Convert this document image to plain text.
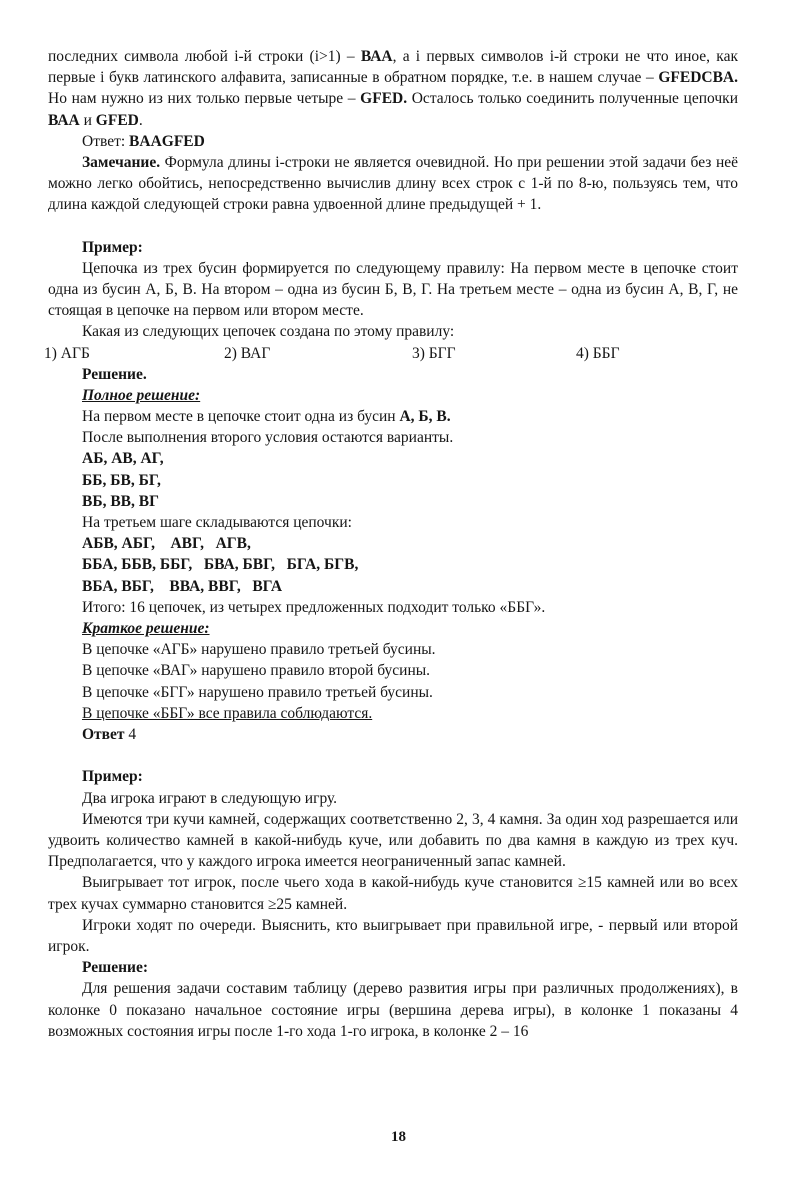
последних символа любой i-й строки (i>1) – ВАА, а i первых символов i-й строки не что иное, как первые i букв латинского алфавита, записанные в обратном порядке, т.е. в нашем случае – GFEDCBA. Но нам нужно из них только первые четыре – GFED. Осталось только соединить полученные цепочки ВАА и GFED.

Ответ: BAAGFED

Замечание. Формула длины i-строки не является очевидной. Но при решении этой задачи без неё можно легко обойтись, непосредственно вычислив длину всех строк с 1-й по 8-ю, пользуясь тем, что длина каждой следующей строки равна удвоенной длине предыдущей + 1.

Пример:

Цепочка из трех бусин формируется по следующему правилу: На первом месте в цепочке стоит одна из бусин А, Б, В. На втором – одна из бусин Б, В, Г. На третьем месте – одна из бусин А, В, Г, не стоящая в цепочке на первом или втором месте.

Какая из следующих цепочек создана по этому правилу:

1) АГБ	2) ВАГ	3) БГГ	4) ББГ

Решение.

Полное решение:

На первом месте в цепочке стоит одна из бусин А, Б, В.

После выполнения второго условия остаются варианты.

АБ, АВ, АГ,

ББ, БВ, БГ,

ВБ, ВВ, ВГ

На третьем шаге складываются цепочки:

АБВ, АБГ,    АВГ,   АГВ,

ББА, ББВ, ББГ,   БВА, БВГ,   БГА, БГВ,

ВБА, ВБГ,    ВВА, ВВГ,   ВГА

Итого: 16 цепочек, из четырех предложенных подходит только «ББГ».

Краткое решение:

В цепочке «АГБ» нарушено правило третьей бусины.

В цепочке «ВАГ» нарушено правило второй бусины.

В цепочке «БГГ» нарушено правило третьей бусины.

В цепочке «ББГ» все правила соблюдаются.

Ответ 4

Пример:

Два игрока играют в следующую игру.

Имеются три кучи камней, содержащих соответственно 2, 3, 4 камня. За один ход разрешается или удвоить количество камней в какой-нибудь куче, или добавить по два камня в каждую из трех куч. Предполагается, что у каждого игрока имеется неограниченный запас камней.

Выигрывает тот игрок, после чьего хода в какой-нибудь куче становится ≥15 камней или во всех трех кучах суммарно становится ≥25 камней.

Игроки ходят по очереди. Выяснить, кто выигрывает при правильной игре, - первый или второй игрок.

Решение:

Для решения задачи составим таблицу (дерево развития игры при различных продолжениях), в колонке 0 показано начальное состояние игры (вершина дерева игры), в колонке 1 показаны 4 возможных состояния игры после 1-го хода 1-го игрока, в колонке 2 – 16

18
